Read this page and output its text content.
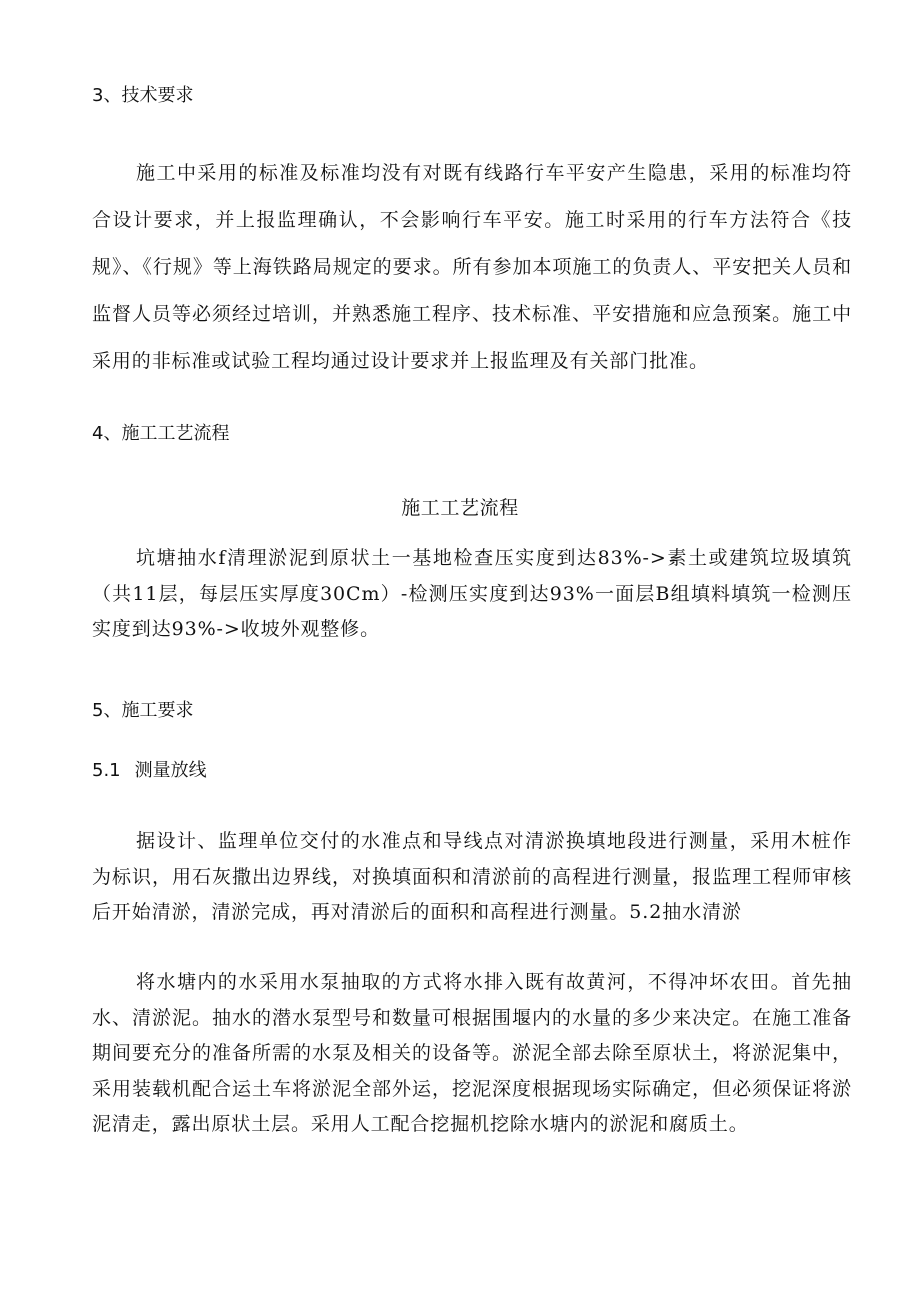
3、技术要求
施工中采用的标准及标准均没有对既有线路行车平安产生隐患，采用的标准均符合设计要求，并上报监理确认，不会影响行车平安。施工时采用的行车方法符合《技规》、《行规》等上海铁路局规定的要求。所有参加本项施工的负责人、平安把关人员和监督人员等必须经过培训，并熟悉施工程序、技术标准、平安措施和应急预案。施工中采用的非标准或试验工程均通过设计要求并上报监理及有关部门批准。
4、施工工艺流程
施工工艺流程
坑塘抽水f清理淤泥到原状土一基地检查压实度到达83%->素土或建筑垃圾填筑（共11层，每层压实厚度30Cm）-检测压实度到达93%一面层B组填料填筑一检测压实度到达93%->收坡外观整修。
5、施工要求
5.1 测量放线
据设计、监理单位交付的水准点和导线点对清淤换填地段进行测量，采用木桩作为标识，用石灰撒出边界线，对换填面积和清淤前的高程进行测量，报监理工程师审核后开始清淤，清淤完成，再对清淤后的面积和高程进行测量。5.2抽水清淤
将水塘内的水采用水泵抽取的方式将水排入既有故黄河，不得冲坏农田。首先抽水、清淤泥。抽水的潜水泵型号和数量可根据围堰内的水量的多少来决定。在施工准备期间要充分的准备所需的水泵及相关的设备等。淤泥全部去除至原状土，将淤泥集中，采用装载机配合运土车将淤泥全部外运，挖泥深度根据现场实际确定，但必须保证将淤泥清走，露出原状土层。采用人工配合挖掘机挖除水塘内的淤泥和腐质土。
